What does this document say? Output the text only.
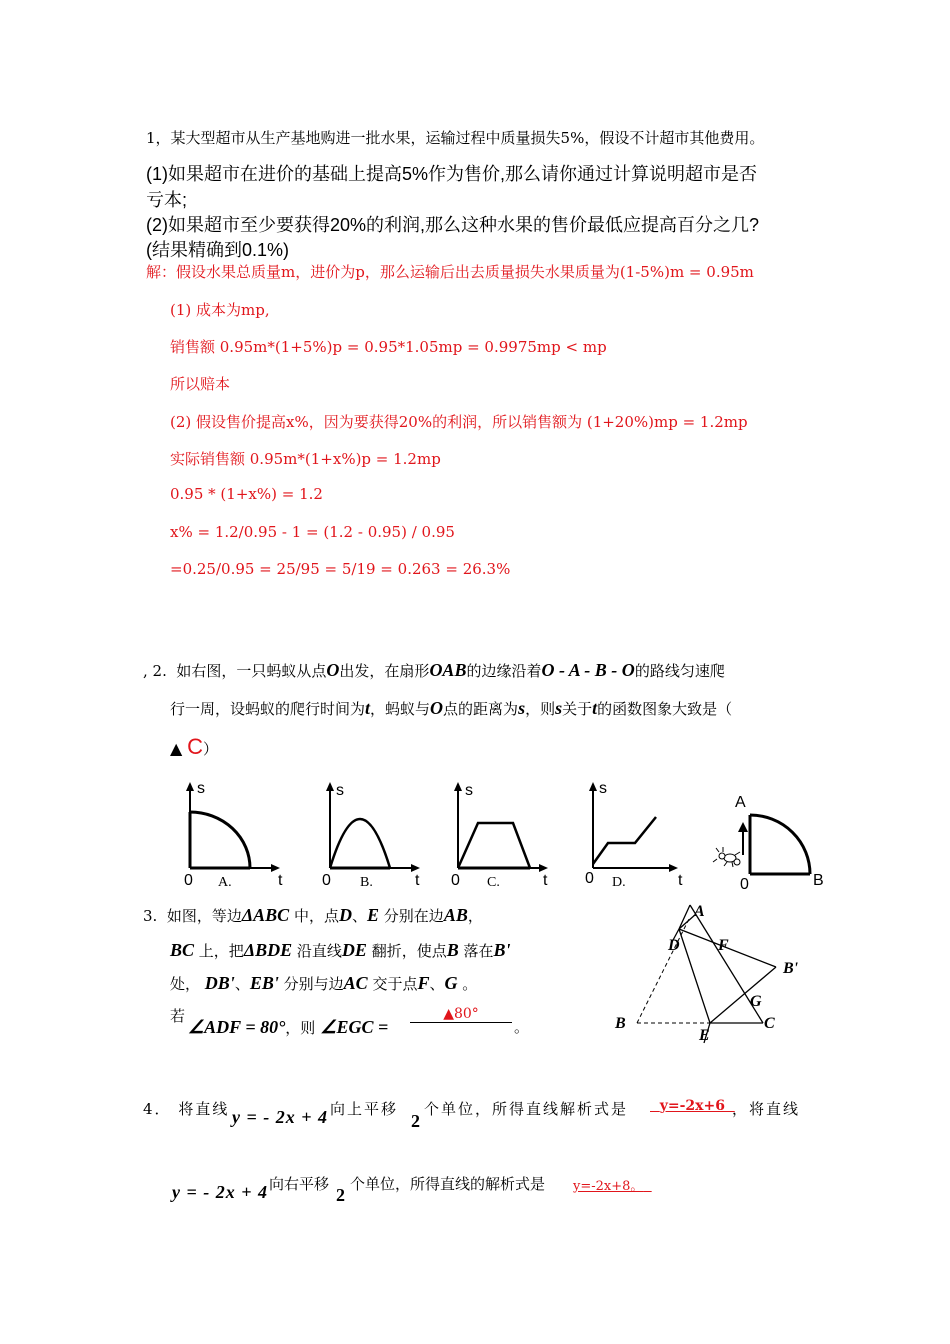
1，某大型超市从生产基地购进一批水果，运输过程中质量损失5%，假设不计超市其他费用。
(1)如果超市在进价的基础上提高5%作为售价,那么请你通过计算说明超市是否
亏本;
(2)如果超市至少要获得20%的利润,那么这种水果的售价最低应提高百分之几?
(结果精确到0.1%)
解：假设水果总质量m，进价为p，那么运输后出去质量损失水果质量为(1-5%)m = 0.95m
(1) 成本为mp,
销售额 0.95m*(1+5%)p = 0.95*1.05mp = 0.9975mp < mp
所以赔本
(2) 假设售价提高x%，因为要获得20%的利润，所以销售额为 (1+20%)mp = 1.2mp
实际销售额 0.95m*(1+x%)p = 1.2mp
0.95 * (1+x%) = 1.2
x% = 1.2/0.95 - 1 = (1.2 - 0.95) / 0.95
=0.25/0.95 = 25/95 = 5/19 = 0.263 = 26.3%
, 2. 如右图，一只蚂蚁从点O出发，在扇形OAB的边缘沿着O - A - B - O的路线匀速爬
行一周，设蚂蚁的爬行时间为t，蚂蚁与O点的距离为s，则s关于t的函数图象大致是（
▲ C）
s
0 A.	t
s
0 B.	t
s
0 C.	t
s
0 D.	t
A
0	B
3. 如图，等边ΔABC 中，点D、E 分别在边AB，
BC 上，把ΔBDE 沿直线DE 翻折，使点B 落在B'
处， DB'、EB' 分别与边AC 交于点F、G 。
若
∠ADF = 80°，则 ∠EGC =
▲80°
。
A
D F
B'
G
B	C
E
4． 将直线 y = - 2x + 4 向上平移
2
个单位，所得直线解析式是	y=-2x+6 ，将直线
y = - 2x + 4 向右平移
2
个单位，所得直线的解析式是 y=-2x+8。
